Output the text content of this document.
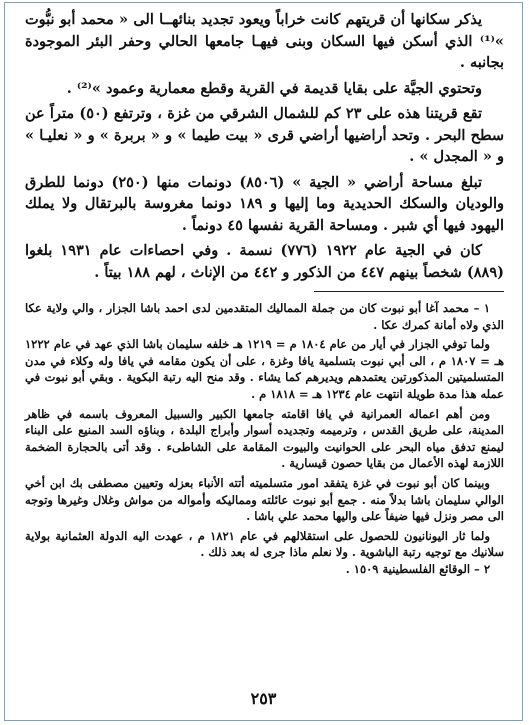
يذكر سكانها أن قريتهم كانت خراباً ويعود تجديد بنائهــا الى « محمد أبو نبُّوت »⁽¹⁾ الذي أسكن فيها السكان وبنى فيهـا جامعها الحالي وحفر البئر الموجودة بجانبه .

وتحتوي الجيَّة على بقايا قديمة في القرية وقطع معمارية وعمود »⁽²⁾ .

تقع قريتنا هذه على ٢٣ كم للشمال الشرقي من غزة ، وترتفع (٥٠) متراً عن سطح البحر . وتحد أراضيها أراضي قرى « بيت طيما » و « بربرة » و « نعليـا » و « المجدل » .

تبلغ مساحة أراضي « الجية » (٨٥٠٦) دونمات منها (٢٥٠) دونما للطرق والوديان والسكك الحديدية وما إليها و ١٨٩ دونما مغروسة بالبرتقال ولا يملك اليهود فيها أي شبر . ومساحة القرية نفسها ٤٥ دونماً .

كان في الجية عام ١٩٢٢ (٧٧٦) نسمة . وفي احصاءات عام ١٩٣١ بلغوا (٨٨٩) شخصاً بينهم ٤٤٧ من الذكور و ٤٤٢ من الإناث ، لهم ١٨٨ بيتاً .

١ – محمد آغا أبو نبوت كان من جملة المماليك المتقدمين لدى احمد باشا الجزار ، والي ولاية عكا الذي ولاه أمانة كمرك عكا .

ولما توفي الجزار في أيار من عام ١٨٠٤ م = ١٢١٩ هـ خلفه سليمان باشا الذي عهد في عام ١٢٢٢ هـ = ١٨٠٧ م ، الى أبي نبوت بتسلمية يافا وغزة ، على أن يكون مقامه في يافا وله وكلاء في مدن المتسلميتين المذكورتين يعتمدهم ويديرهم كما يشاء . وقد منح اليه رتبة البكوية . وبقي أبو نبوت في عمله هذا مدة طويلة انتهت عام ١٢٣٤ هـ = ١٨١٨ م .

ومن أهم اعماله العمرانية في يافا اقامته جامعها الكبير والسبيل المعروف باسمه في ظاهر المدينة، على طريق القدس ، وترميمه وتجديده أسوار وأبراج البلدة ، وبناؤه السد المنيع على البناء ليمنع تدفق مياه البحر على الحوانيت والبيوت المقامة على الشاطىء . وقد أتى بالحجارة الضخمة اللازمة لهذه الأعمال من بقايا حصون قيسارية .

وبينما كان أبو نبوت في غزة يتفقد امور متسلميته أتته الأنباء بعزله وتعيين مصطفى بك ابن أخي الوالي سليمان باشا بدلاً منه . جمع أبو نبوت عائلته ومماليكه وأمواله من مواش وغلال وغيرها وتوجه الى مصر ونزل فيها ضيفاً على واليها محمد علي باشا .

ولما ثار اليونانيون للحصول على استقلالهم في عام ١٨٢١ م ، عهدت اليه الدولة العثمانية بولاية سلانيك مع توجيه رتبة الباشوية . ولا نعلم ماذا جرى له بعد ذلك .

٢ – الوقائع الفلسطينية ١٥٠٩ .

٢٥٣
